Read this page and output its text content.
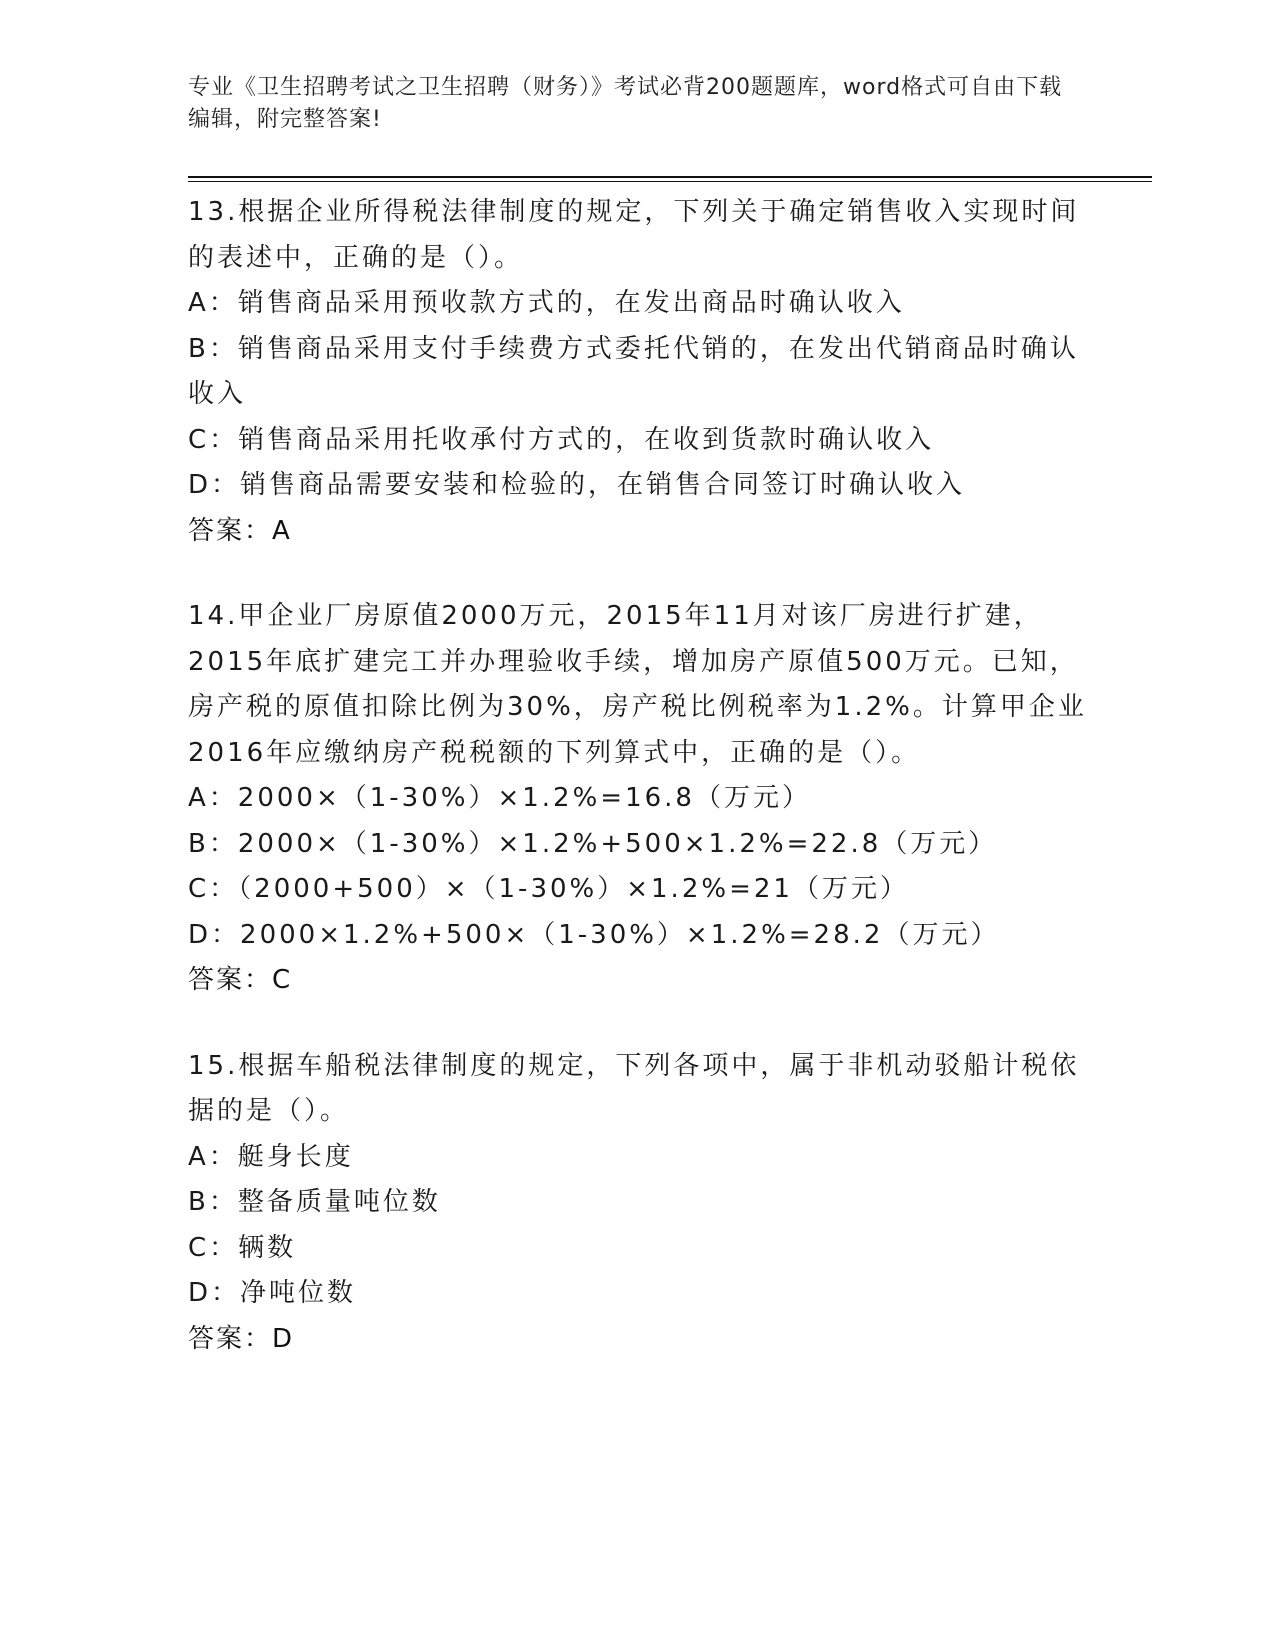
专业《卫生招聘考试之卫生招聘（财务）》考试必背200题题库，word格式可自由下载编辑，附完整答案!
13.根据企业所得税法律制度的规定，下列关于确定销售收入实现时间的表述中，正确的是（）。
A：销售商品采用预收款方式的，在发出商品时确认收入
B：销售商品采用支付手续费方式委托代销的，在发出代销商品时确认收入
C：销售商品采用托收承付方式的，在收到货款时确认收入
D：销售商品需要安装和检验的，在销售合同签订时确认收入
答案：A
14.甲企业厂房原值2000万元，2015年11月对该厂房进行扩建，2015年底扩建完工并办理验收手续，增加房产原值500万元。已知，房产税的原值扣除比例为30%，房产税比例税率为1.2%。计算甲企业2016年应缴纳房产税税额的下列算式中，正确的是（）。
A：2000×（1-30%）×1.2%=16.8（万元）
B：2000×（1-30%）×1.2%+500×1.2%=22.8（万元）
C：（2000+500）×（1-30%）×1.2%=21（万元）
D：2000×1.2%+500×（1-30%）×1.2%=28.2（万元）
答案：C
15.根据车船税法律制度的规定，下列各项中，属于非机动驳船计税依据的是（）。
A：艇身长度
B：整备质量吨位数
C：辆数
D：净吨位数
答案：D
